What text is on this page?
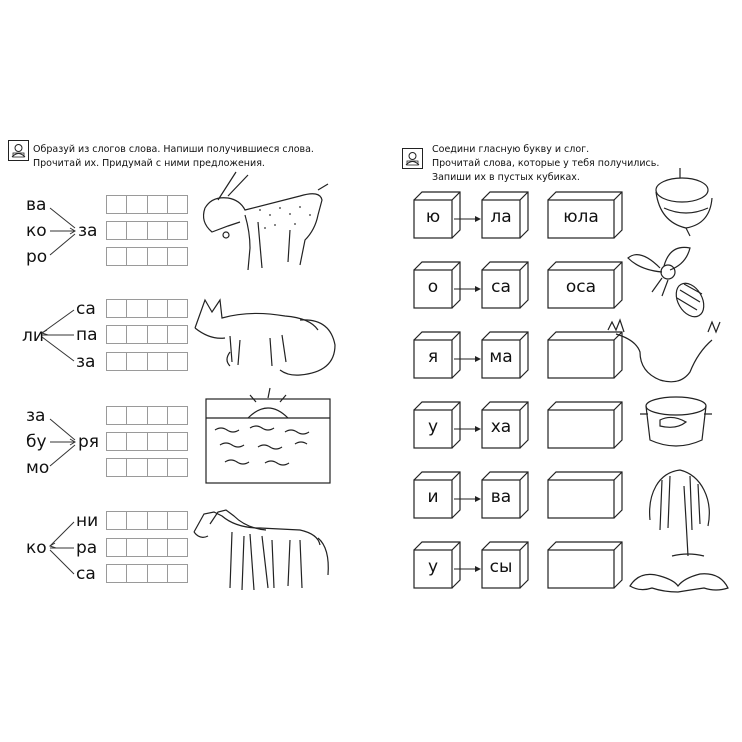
Образуй из слогов слова. Напиши получившиеся слова.
Прочитай их. Придумай с ними предложения.
ва
ко
ро
за
ли
са
па
за
за
бу
мо
ря
ко
ни
ра
са
Соедини гласную букву и слог.
Прочитай слова, которые у тебя получились.
Запиши их в пустых кубиках.
ю	ла	юла
о	са	оса
я	ма
у	ха
и	ва
у	сы
